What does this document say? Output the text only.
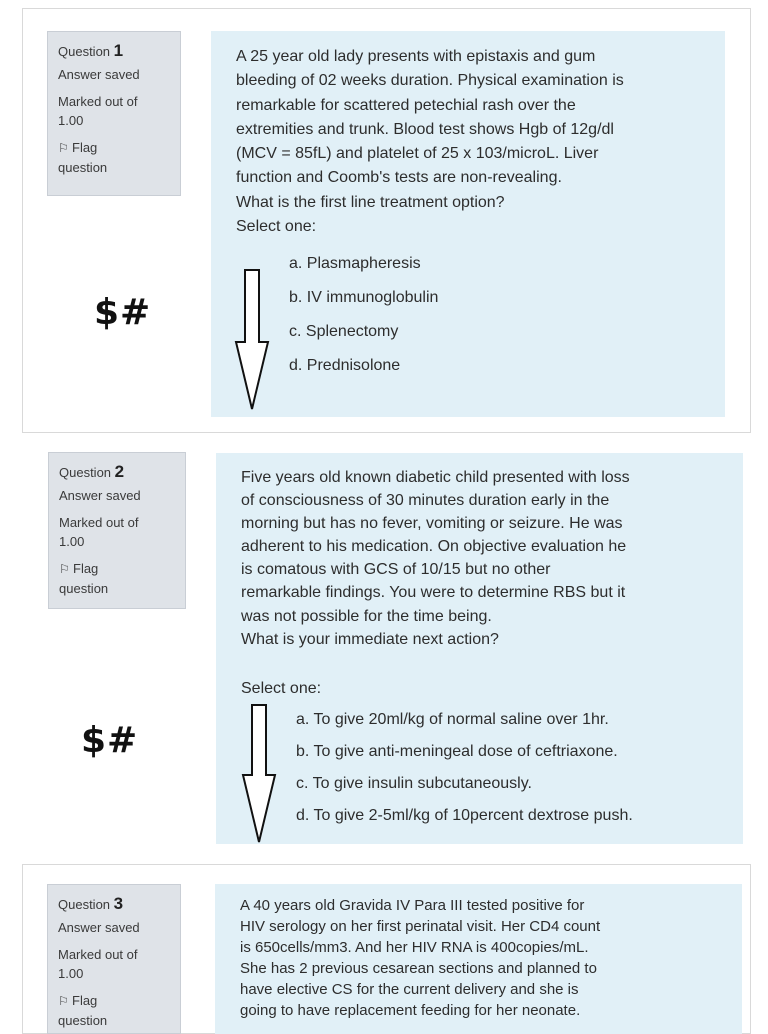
Question 1
Answer saved
Marked out of
1.00
⚐ Flag
question

A 25 year old lady presents with epistaxis and gum

bleeding of 02 weeks duration. Physical examination is

remarkable for scattered petechial rash over the

extremities and trunk. Blood test shows Hgb of 12g/dl

(MCV = 85fL) and platelet of 25 x 103/microL. Liver

function and Coomb's tests are non-revealing.

What is the first line treatment option?

Select one:

a. Plasmapheresis
b. IV immunoglobulin
c. Splenectomy
d. Prednisolone
$#
Question 2
Answer saved
Marked out of
1.00
⚐ Flag
question

Five years old known diabetic child presented with loss

of consciousness of 30 minutes duration early in the

morning but has no fever, vomiting or seizure. He was

adherent to his medication. On objective evaluation he

is comatous with GCS of 10/15 but no other

remarkable findings. You were to determine RBS but it

was not possible for the time being.

What is your immediate next action?

Select one:

a. To give 20ml/kg of normal saline over 1hr.
b. To give anti-meningeal dose of ceftriaxone.
c. To give insulin subcutaneously.
d. To give 2-5ml/kg of 10percent dextrose push.
$#
Question 3
Answer saved
Marked out of
1.00
⚐ Flag
question

A 40 years old Gravida IV Para III tested positive for

HIV serology on her first perinatal visit. Her CD4 count

is 650cells/mm3. And her HIV RNA is 400copies/mL.

She has 2 previous cesarean sections and planned to

have elective CS for the current delivery and she is

going to have replacement feeding for her neonate.
